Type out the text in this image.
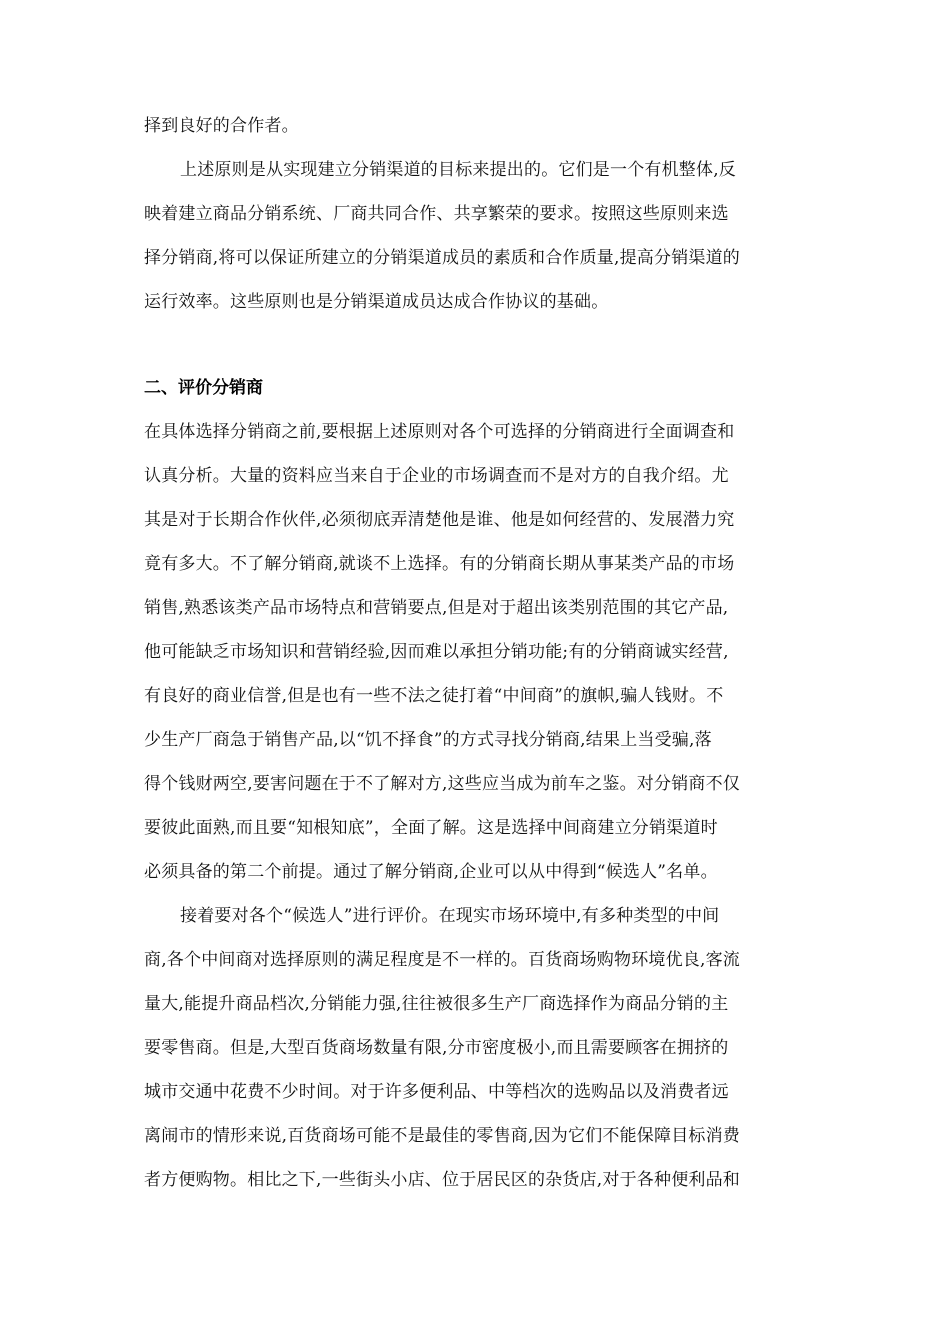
择到良好的合作者。
上述原则是从实现建立分销渠道的目标来提出的。它们是一个有机整体,反
映着建立商品分销系统、厂商共同合作、共享繁荣的要求。按照这些原则来选
择分销商,将可以保证所建立的分销渠道成员的素质和合作质量,提高分销渠道的
运行效率。这些原则也是分销渠道成员达成合作协议的基础。
二、评价分销商
在具体选择分销商之前,要根据上述原则对各个可选择的分销商进行全面调查和
认真分析。大量的资料应当来自于企业的市场调查而不是对方的自我介绍。尤
其是对于长期合作伙伴,必须彻底弄清楚他是谁、他是如何经营的、发展潜力究
竟有多大。不了解分销商,就谈不上选择。有的分销商长期从事某类产品的市场
销售,熟悉该类产品市场特点和营销要点,但是对于超出该类别范围的其它产品,
他可能缺乏市场知识和营销经验,因而难以承担分销功能;有的分销商诚实经营,
有良好的商业信誉,但是也有一些不法之徒打着“中间商”的旗帜,骗人钱财。不
少生产厂商急于销售产品,以“饥不择食”的方式寻找分销商,结果上当受骗,落
得个钱财两空,要害问题在于不了解对方,这些应当成为前车之鉴。对分销商不仅
要彼此面熟,而且要“知根知底”，全面了解。这是选择中间商建立分销渠道时
必须具备的第二个前提。通过了解分销商,企业可以从中得到“候选人”名单。
接着要对各个“候选人”进行评价。在现实市场环境中,有多种类型的中间
商,各个中间商对选择原则的满足程度是不一样的。百货商场购物环境优良,客流
量大,能提升商品档次,分销能力强,往往被很多生产厂商选择作为商品分销的主
要零售商。但是,大型百货商场数量有限,分市密度极小,而且需要顾客在拥挤的
城市交通中花费不少时间。对于许多便利品、中等档次的选购品以及消费者远
离闹市的情形来说,百货商场可能不是最佳的零售商,因为它们不能保障目标消费
者方便购物。相比之下,一些街头小店、位于居民区的杂货店,对于各种便利品和
